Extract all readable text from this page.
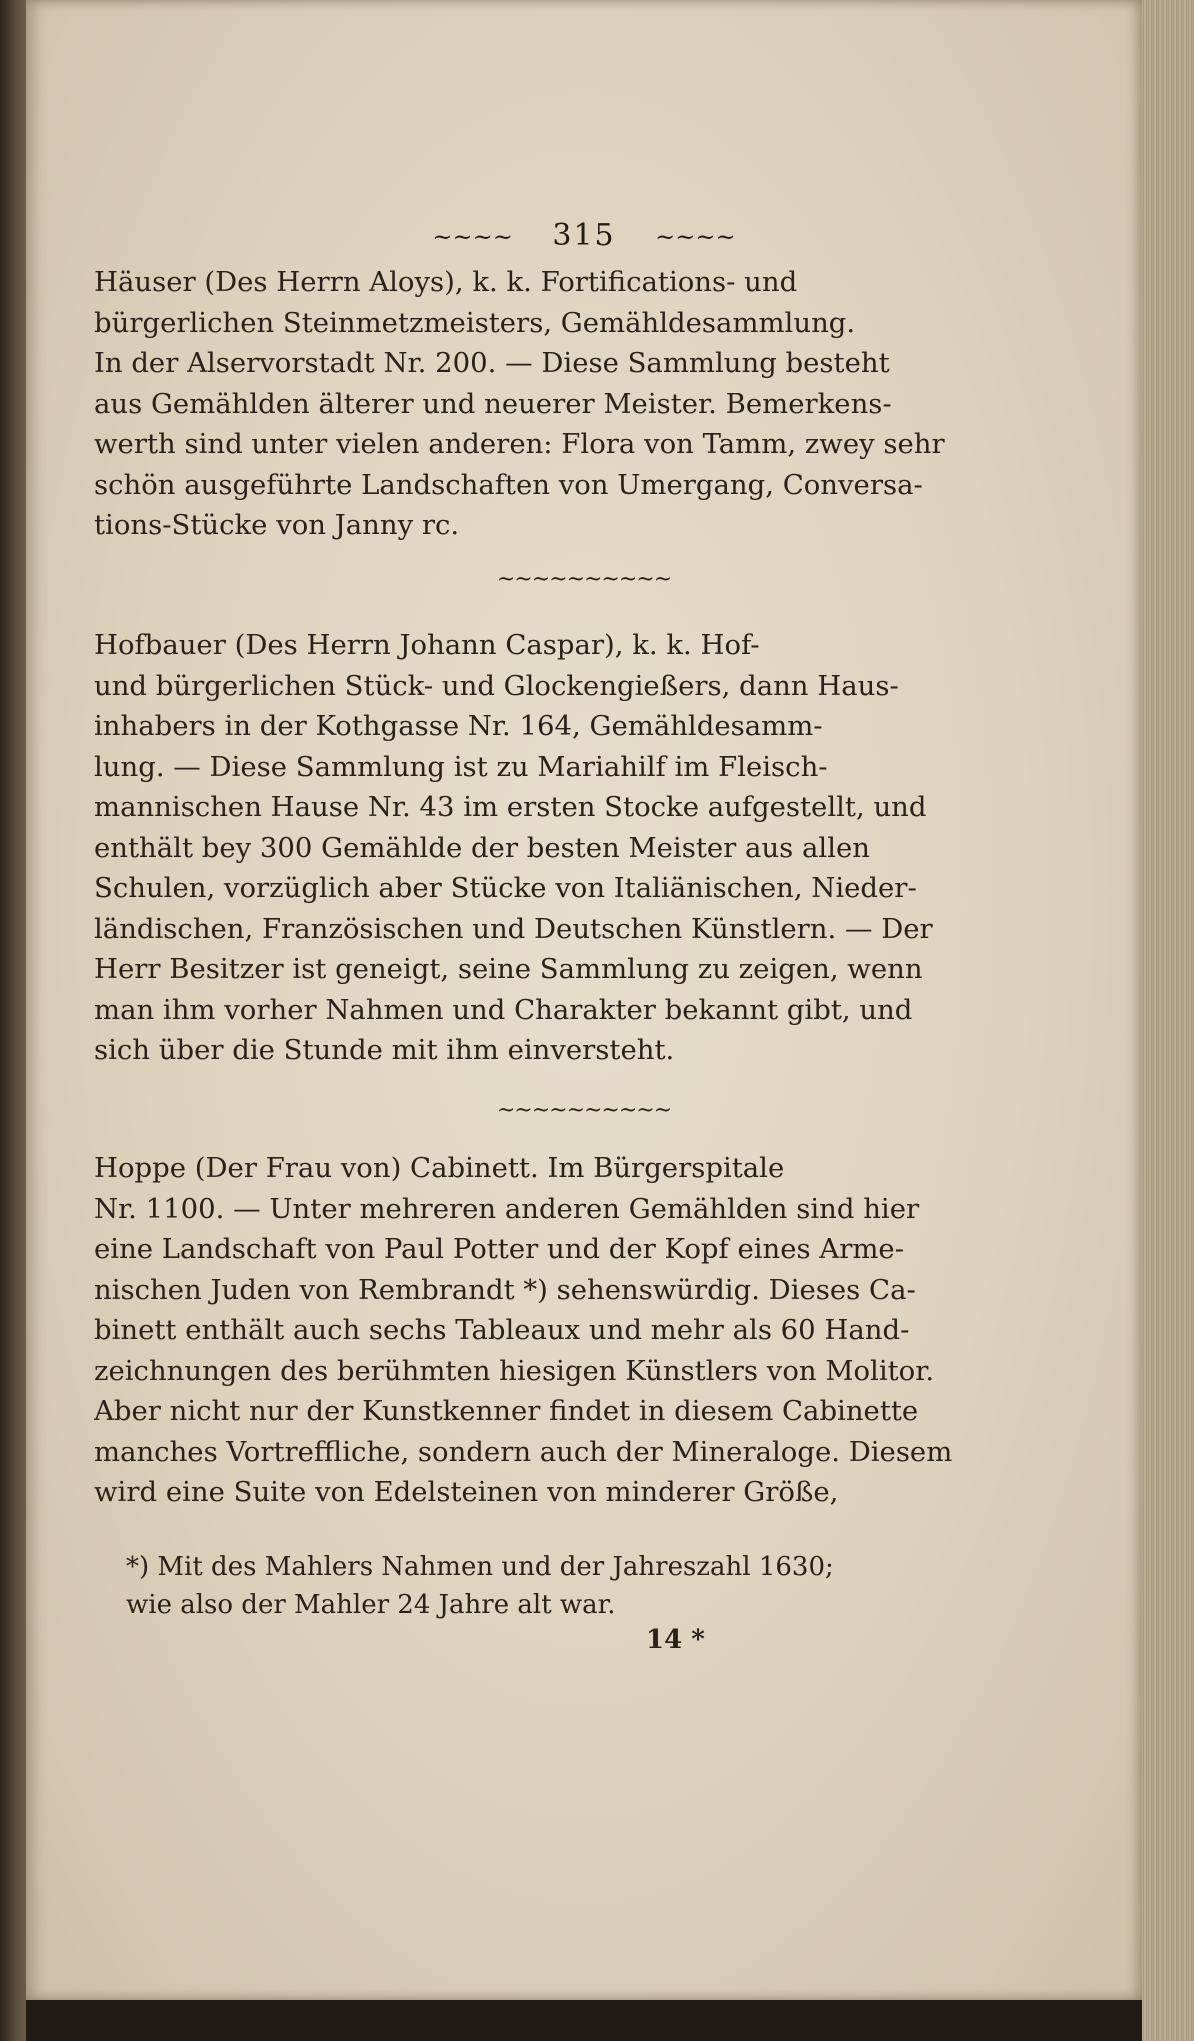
~~~~ 315 ~~~~
Häuser (Des Herrn Aloys), k. k. Fortifications- und
bürgerlichen Steinmetzmeisters, Gemähldesammlung.
In der Alservorstadt Nr. 200. — Diese Sammlung besteht
aus Gemählden älterer und neuerer Meister. Bemerkens-
werth sind unter vielen anderen: Flora von Tamm, zwey sehr
schön ausgeführte Landschaften von Umergang, Conversa-
tions-Stücke von Janny rc.
~~~~~~~~~~
Hofbauer (Des Herrn Johann Caspar), k. k. Hof-
und bürgerlichen Stück- und Glockengießers, dann Haus-
inhabers in der Kothgasse Nr. 164, Gemähldesamm-
lung. — Diese Sammlung ist zu Mariahilf im Fleisch-
mannischen Hause Nr. 43 im ersten Stocke aufgestellt, und
enthält bey 300 Gemählde der besten Meister aus allen
Schulen, vorzüglich aber Stücke von Italiänischen, Nieder-
ländischen, Französischen und Deutschen Künstlern. — Der
Herr Besitzer ist geneigt, seine Sammlung zu zeigen, wenn
man ihm vorher Nahmen und Charakter bekannt gibt, und
sich über die Stunde mit ihm einversteht.
~~~~~~~~~~
Hoppe (Der Frau von) Cabinett. Im Bürgerspitale
Nr. 1100. — Unter mehreren anderen Gemählden sind hier
eine Landschaft von Paul Potter und der Kopf eines Arme-
nischen Juden von Rembrandt *) sehenswürdig. Dieses Ca-
binett enthält auch sechs Tableaux und mehr als 60 Hand-
zeichnungen des berühmten hiesigen Künstlers von Molitor.
Aber nicht nur der Kunstkenner findet in diesem Cabinette
manches Vortreffliche, sondern auch der Mineraloge. Diesem
wird eine Suite von Edelsteinen von minderer Größe,
*) Mit des Mahlers Nahmen und der Jahreszahl 1630;
wie also der Mahler 24 Jahre alt war.
14 *
